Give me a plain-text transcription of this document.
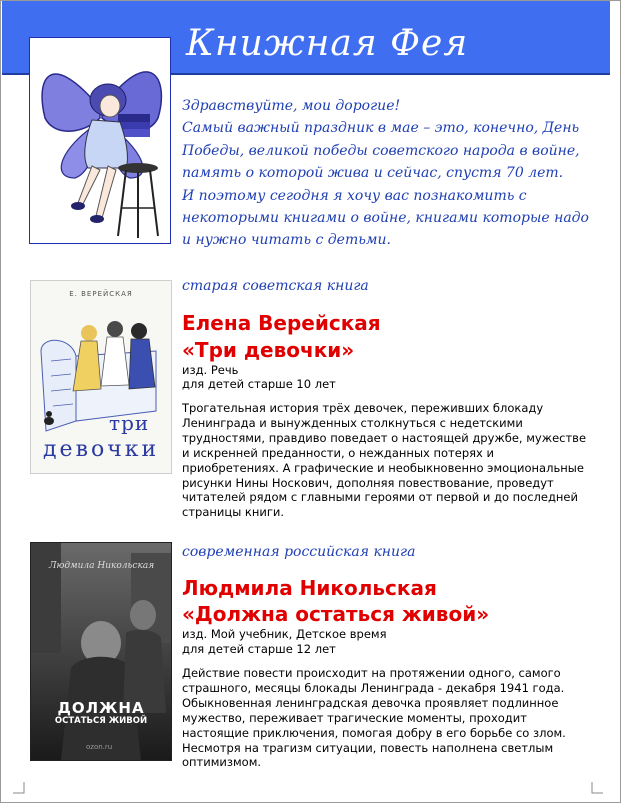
Книжная Фея

Здравствуйте, мои дорогие!

Самый важный праздник в мае – это, конечно, День Победы, великой победы советского народа в войне, память о которой жива и сейчас, спустя 70 лет.

И поэтому сегодня я хочу вас познакомить с некоторыми книгами о войне, книгами которые надо и нужно читать с детьми.

Е. ВЕРЕЙСКАЯ
три
девочки
старая советская книга
Елена Верейская
«Три девочки»
изд. Речь
для детей старше 10 лет
Трогательная история трёх девочек, переживших блокаду Ленинграда и вынужденных столкнуться с недетскими трудностями, правдиво поведает о настоящей дружбе, мужестве и искренней преданности, о нежданных потерях и приобретениях. А графические и необыкновенно эмоциональные рисунки Нины Носкович, дополняя повествование, проведут читателей рядом с главными героями от первой и до последней страницы книги.
Людмила Никольская
ДОЛЖНА
ОСТАТЬСЯ ЖИВОЙ
ozon.ru
современная российская книга
Людмила Никольская
«Должна остаться живой»
изд. Мой учебник, Детское время
для детей старше 12 лет
Действие повести происходит на протяжении одного, самого страшного, месяцы блокады Ленинграда - декабря 1941 года. Обыкновенная ленинградская девочка проявляет подлинное мужество, переживает трагические моменты, проходит настоящие приключения, помогая добру в его борьбе со злом. Несмотря на трагизм ситуации, повесть наполнена светлым оптимизмом.
